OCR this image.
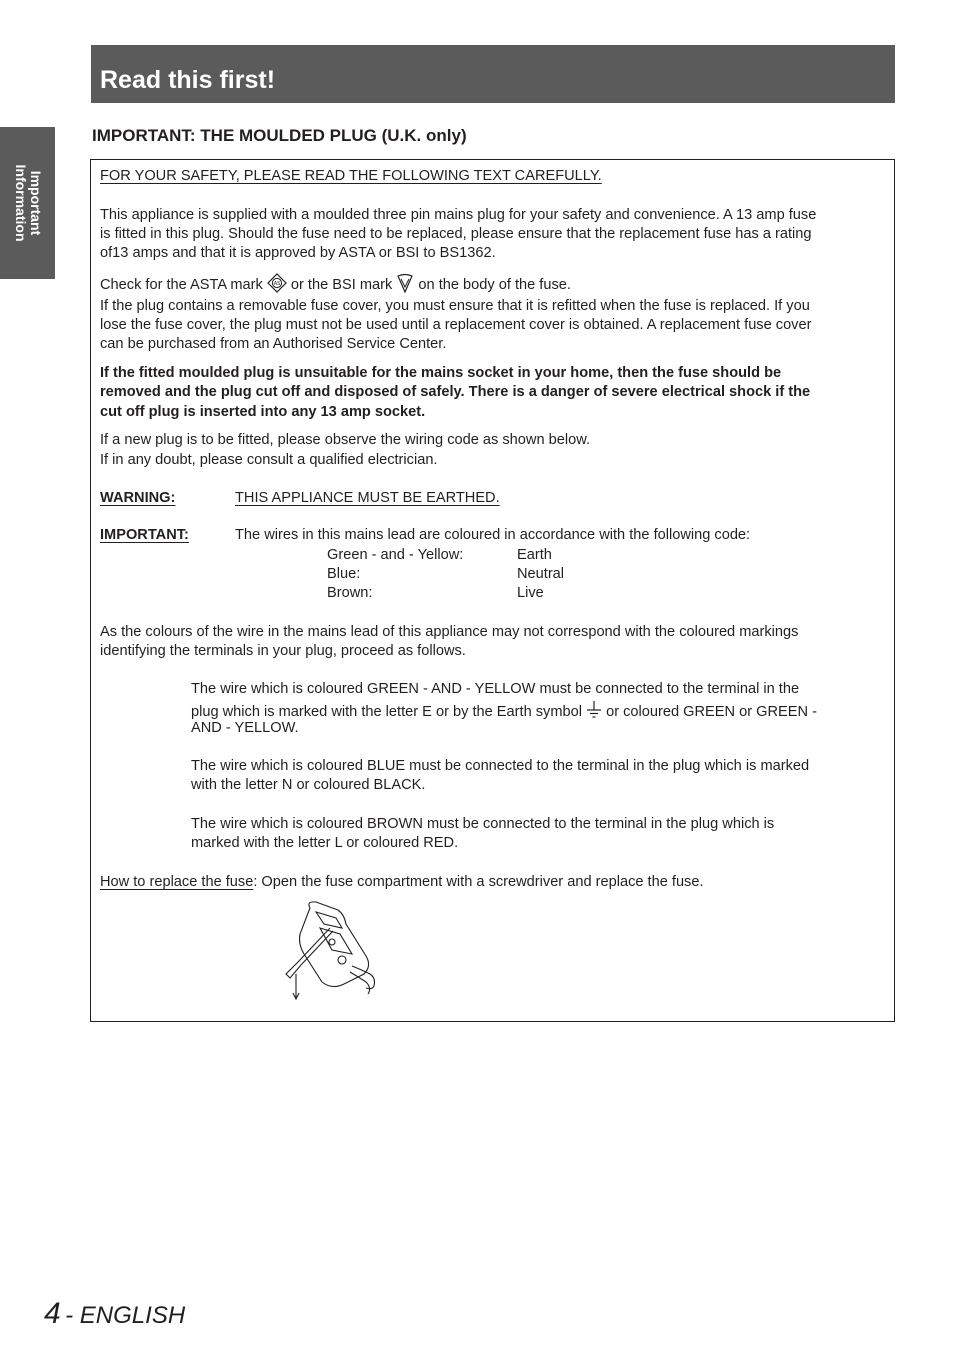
Read this first!
Important
Information
IMPORTANT: THE MOULDED PLUG (U.K. only)

FOR YOUR SAFETY, PLEASE READ THE FOLLOWING TEXT CAREFULLY.

This appliance is supplied with a moulded three pin mains plug for your safety and convenience. A 13 amp fuse

is fitted in this plug. Should the fuse need to be replaced, please ensure that the replacement fuse has a rating

of13 amps and that it is approved by ASTA or BSI to BS1362.

Check for the ASTA mark AS or the BSI mark on the body of the fuse.

If the plug contains a removable fuse cover, you must ensure that it is refitted when the fuse is replaced. If you

lose the fuse cover, the plug must not be used until a replacement cover is obtained. A replacement fuse cover

can be purchased from an Authorised Service Center.

If the fitted moulded plug is unsuitable for the mains socket in your home, then the fuse should be

removed and the plug cut off and disposed of safely. There is a danger of severe electrical shock if the

cut off plug is inserted into any 13 amp socket.

If a new plug is to be fitted, please observe the wiring code as shown below.

If in any doubt, please consult a qualified electrician.

WARNING:	THIS APPLIANCE MUST BE EARTHED.

IMPORTANT:	The wires in this mains lead are coloured in accordance with the following code:

Green - and - Yellow:	Earth

Blue:	Neutral

Brown:	Live

As the colours of the wire in the mains lead of this appliance may not correspond with the coloured markings

identifying the terminals in your plug, proceed as follows.

The wire which is coloured GREEN - AND - YELLOW must be connected to the terminal in the

plug which is marked with the letter E or by the Earth symbol or coloured GREEN or GREEN -

AND - YELLOW.

The wire which is coloured BLUE must be connected to the terminal in the plug which is marked

with the letter N or coloured BLACK.

The wire which is coloured BROWN must be connected to the terminal in the plug which is

marked with the letter L or coloured RED.

How to replace the fuse: Open the fuse compartment with a screwdriver and replace the fuse.

4 - ENGLISH
